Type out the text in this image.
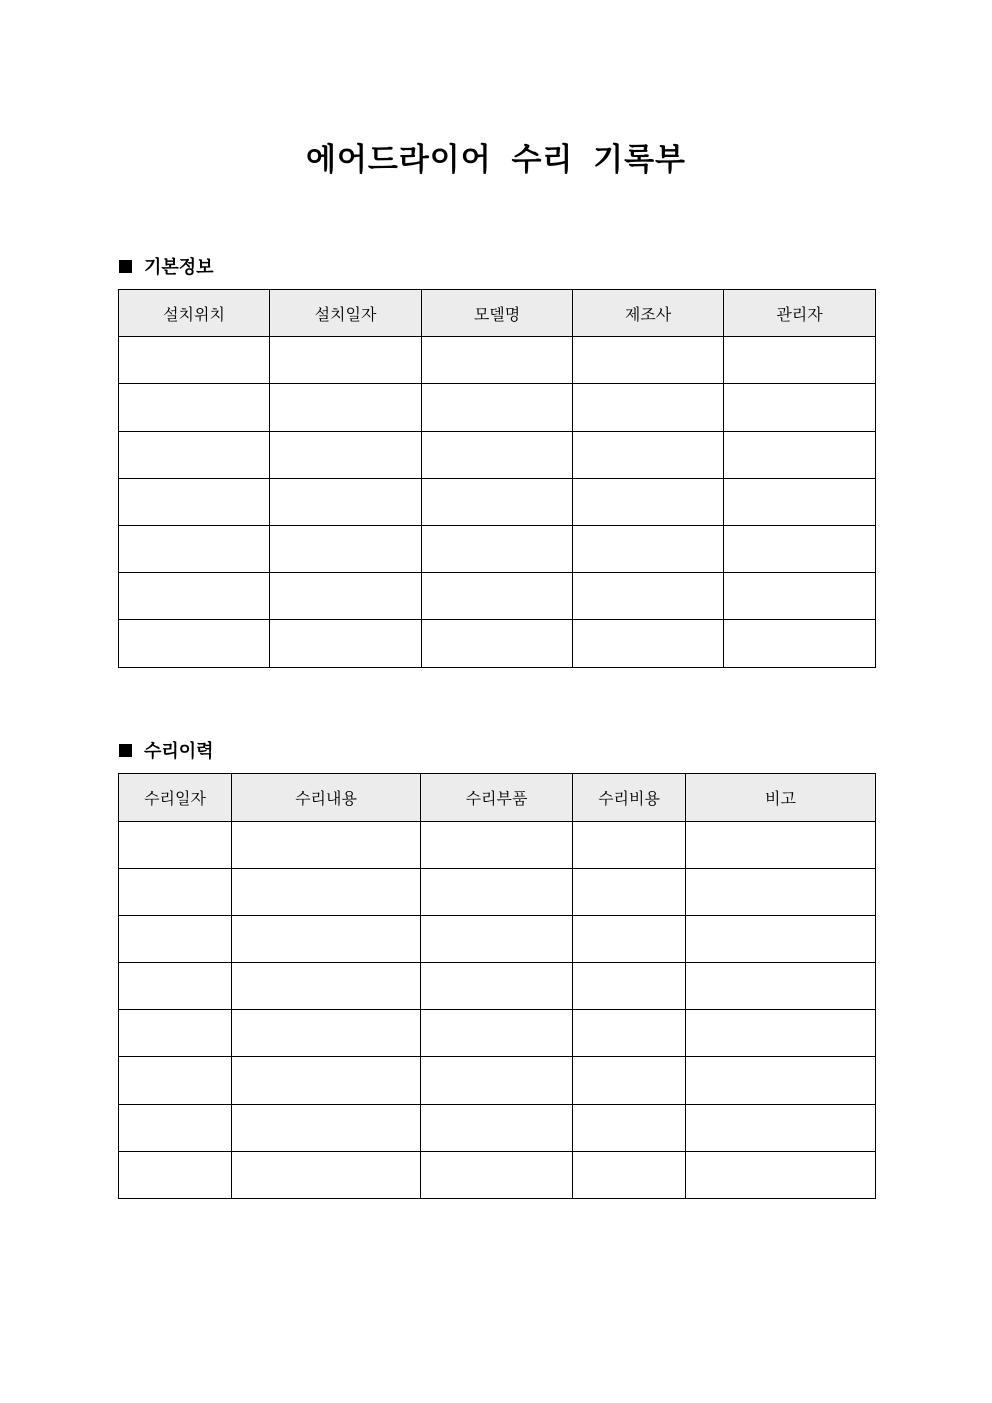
에어드라이어 수리 기록부
기본정보
설치위치	설치일자	모델명	제조사	관리자

수리이력
수리일자	수리내용	수리부품	수리비용	비고
